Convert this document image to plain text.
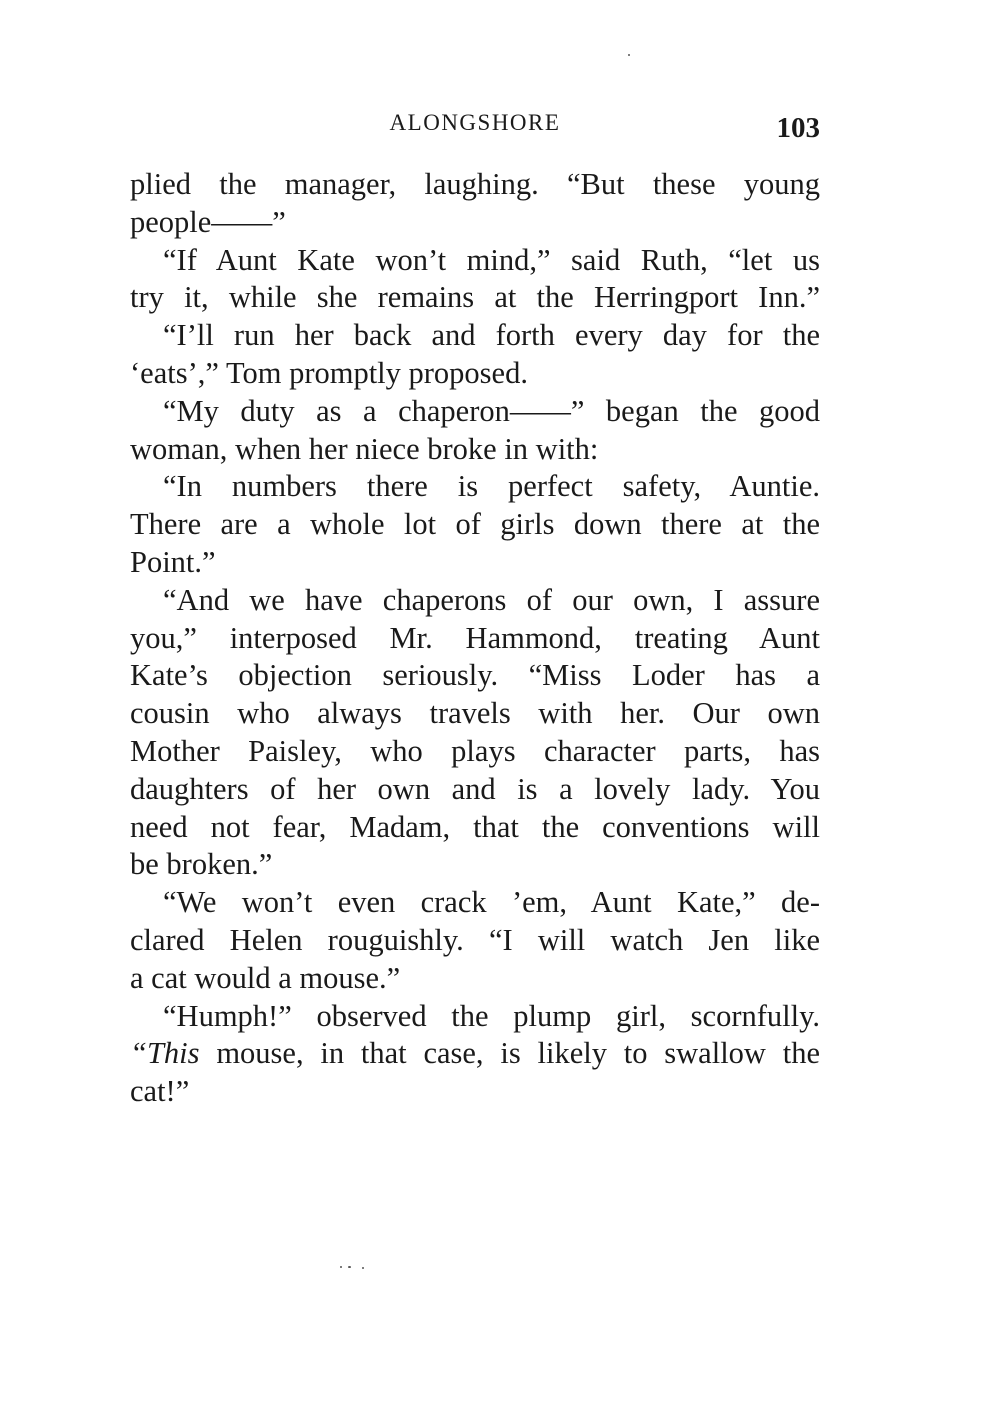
ALONGSHORE	103
plied the manager, laughing. “But these young
people——”
“If Aunt Kate won’t mind,” said Ruth, “let us
try it, while she remains at the Herringport Inn.”
“I’ll run her back and forth every day for the
‘eats’,” Tom promptly proposed.
“My duty as a chaperon——” began the good
woman, when her niece broke in with:
“In numbers there is perfect safety, Auntie.
There are a whole lot of girls down there at the
Point.”
“And we have chaperons of our own, I assure
you,” interposed Mr. Hammond, treating Aunt
Kate’s objection seriously. “Miss Loder has a
cousin who always travels with her. Our own
Mother Paisley, who plays character parts, has
daughters of her own and is a lovely lady. You
need not fear, Madam, that the conventions will
be broken.”
“We won’t even crack ’em, Aunt Kate,” de-
clared Helen rouguishly. “I will watch Jen like
a cat would a mouse.”
“Humph!” observed the plump girl, scornfully.
“This mouse, in that case, is likely to swallow the
cat!”
